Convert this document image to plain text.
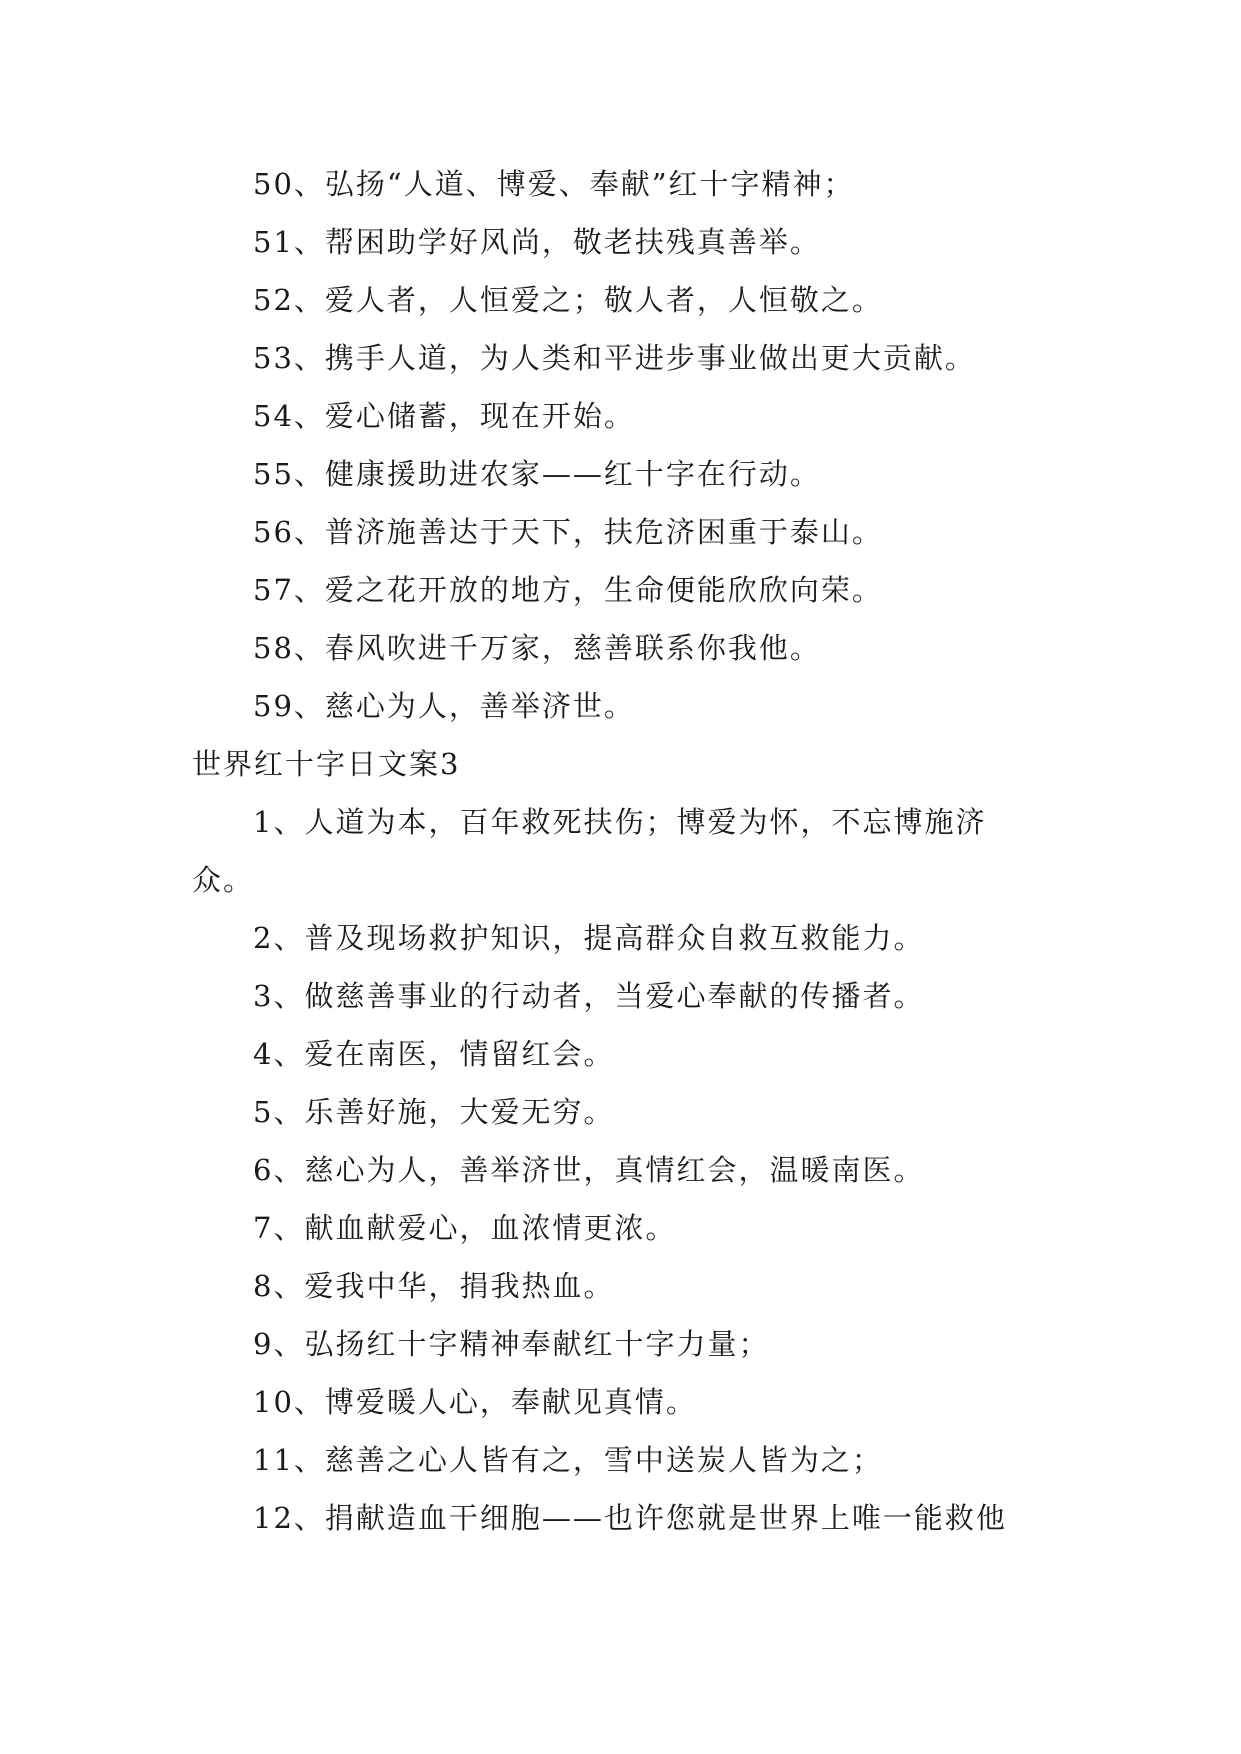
50、弘扬“人道、博爱、奉献”红十字精神；
51、帮困助学好风尚，敬老扶残真善举。
52、爱人者，人恒爱之；敬人者，人恒敬之。
53、携手人道，为人类和平进步事业做出更大贡献。
54、爱心储蓄，现在开始。
55、健康援助进农家——红十字在行动。
56、普济施善达于天下，扶危济困重于泰山。
57、爱之花开放的地方，生命便能欣欣向荣。
58、春风吹进千万家，慈善联系你我他。
59、慈心为人，善举济世。
世界红十字日文案3
1、人道为本，百年救死扶伤；博爱为怀，不忘博施济
众。
2、普及现场救护知识，提高群众自救互救能力。
3、做慈善事业的行动者，当爱心奉献的传播者。
4、爱在南医，情留红会。
5、乐善好施，大爱无穷。
6、慈心为人，善举济世，真情红会，温暖南医。
7、献血献爱心，血浓情更浓。
8、爱我中华，捐我热血。
9、弘扬红十字精神奉献红十字力量；
10、博爱暖人心，奉献见真情。
11、慈善之心人皆有之，雪中送炭人皆为之；
12、捐献造血干细胞——也许您就是世界上唯一能救他
